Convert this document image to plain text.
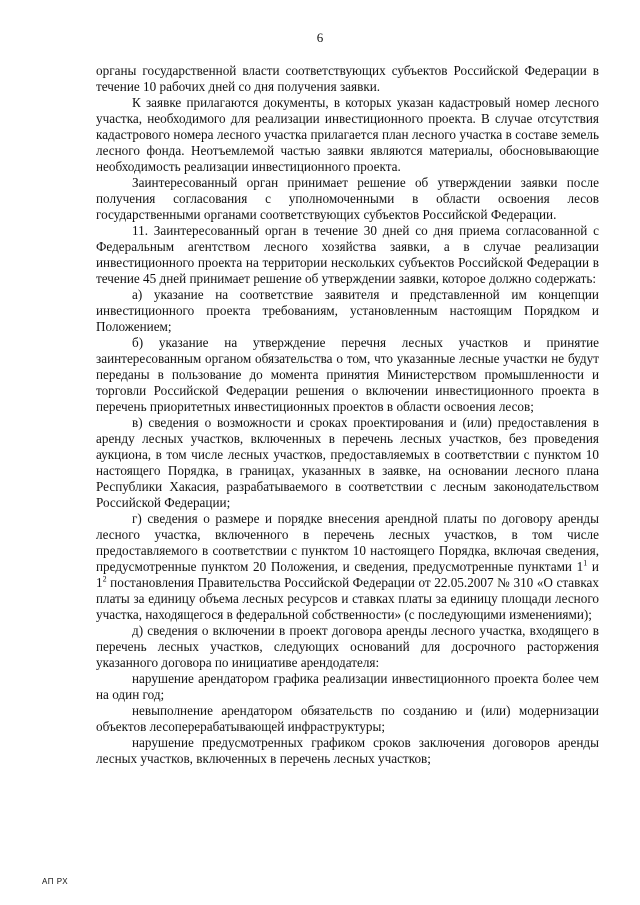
6

органы государственной власти соответствующих субъектов Российской Федерации в течение 10 рабочих дней со дня получения заявки.

К заявке прилагаются документы, в которых указан кадастровый номер лесного участка, необходимого для реализации инвестиционного проекта. В случае отсутствия кадастрового номера лесного участка прилагается план лесного участка в составе земель лесного фонда. Неотъемлемой частью заявки являются материалы, обосновывающие необходимость реализации инвестиционного проекта.

Заинтересованный орган принимает решение об утверждении заявки после получения согласования с уполномоченными в области освоения лесов государственными органами соответствующих субъектов Российской Федерации.

11. Заинтересованный орган в течение 30 дней со дня приема согласованной с Федеральным агентством лесного хозяйства заявки, а в случае реализации инвестиционного проекта на территории нескольких субъектов Российской Федерации в течение 45 дней принимает решение об утверждении заявки, которое должно содержать:

а) указание на соответствие заявителя и представленной им концепции инвестиционного проекта требованиям, установленным настоящим Порядком и Положением;

б) указание на утверждение перечня лесных участков и принятие заинтересованным органом обязательства о том, что указанные лесные участки не будут переданы в пользование до момента принятия Министерством промышленности и торговли Российской Федерации решения о включении инвестиционного проекта в перечень приоритетных инвестиционных проектов в области освоения лесов;

в) сведения о возможности и сроках проектирования и (или) предоставления в аренду лесных участков, включенных в перечень лесных участков, без проведения аукциона, в том числе лесных участков, предоставляемых в соответствии с пунктом 10 настоящего Порядка, в границах, указанных в заявке, на основании лесного плана Республики Хакасия, разрабатываемого в соответствии с лесным законодательством Российской Федерации;

г) сведения о размере и порядке внесения арендной платы по договору аренды лесного участка, включенного в перечень лесных участков, в том числе предоставляемого в соответствии с пунктом 10 настоящего Порядка, включая сведения, предусмотренные пунктом 20 Положения, и сведения, предусмотренные пунктами $1^1$ и $1^2$ постановления Правительства Российской Федерации от 22.05.2007 № 310 «О ставках платы за единицу объема лесных ресурсов и ставках платы за единицу площади лесного участка, находящегося в федеральной собственности» (с последующими изменениями);

д) сведения о включении в проект договора аренды лесного участка, входящего в перечень лесных участков, следующих оснований для досрочного расторжения указанного договора по инициативе арендодателя:

нарушение арендатором графика реализации инвестиционного проекта более чем на один год;

невыполнение арендатором обязательств по созданию и (или) модернизации объектов лесоперерабатывающей инфраструктуры;

нарушение предусмотренных графиком сроков заключения договоров аренды лесных участков, включенных в перечень лесных участков;

АП РХ
